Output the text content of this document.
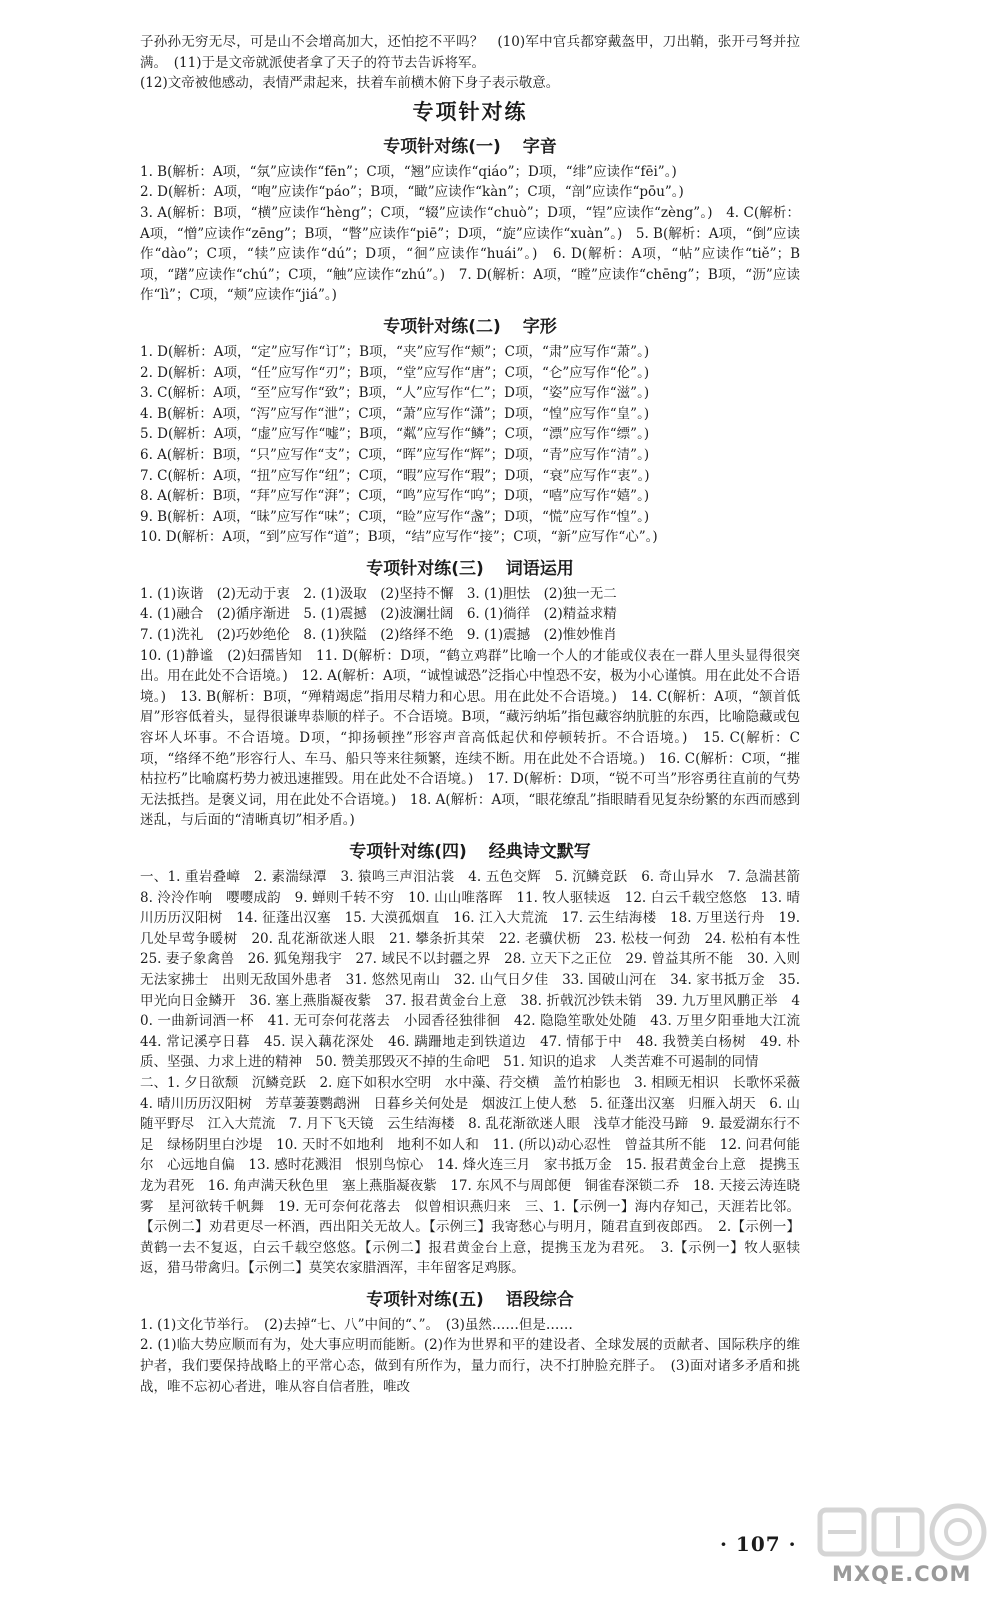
子孙孙无穷无尽，可是山不会增高加大，还怕挖不平吗？　(10)军中官兵都穿戴盔甲，刀出鞘，张开弓弩并拉满。　(11)于是文帝就派使者拿了天子的符节去告诉将军。

(12)文帝被他感动，表情严肃起来，扶着车前横木俯下身子表示敬意。

专项针对练
专项针对练(一) 字音

1. B(解析：A项，“氛”应读作“fēn”；C项，“翘”应读作“qiáo”；D项，“绯”应读作“fēi”。)

2. D(解析：A项，“咆”应读作“páo”；B项，“瞰”应读作“kàn”；C项，“剖”应读作“pōu”。)

3. A(解析：B项，“横”应读作“hèng”；C项，“辍”应读作“chuò”；D项，“锃”应读作“zèng”。)　4. C(解析：A项，“憎”应读作“zēng”；B项，“瞥”应读作“piē”；D项，“旋”应读作“xuàn”。)　5. B(解析：A项，“倒”应读作“dào”；C项，“犊”应读作“dú”；D项，“徊”应读作“huái”。)　6. D(解析：A项，“帖”应读作“tiě”；B项，“躇”应读作“chú”；C项，“触”应读作“zhú”。)　7. D(解析：A项，“瞠”应读作“chēng”；B项，“沥”应读作“lì”；C项，“颊”应读作“jiá”。)

专项针对练(二) 字形

1. D(解析：A项，“定”应写作“订”；B项，“夹”应写作“颊”；C项，“肃”应写作“萧”。)

2. D(解析：A项，“任”应写作“刃”；B项，“堂”应写作“唐”；C项，“仑”应写作“伦”。)

3. C(解析：A项，“至”应写作“致”；B项，“人”应写作“仁”；D项，“姿”应写作“滋”。)

4. B(解析：A项，“泻”应写作“泄”；C项，“萧”应写作“潇”；D项，“惶”应写作“皇”。)

5. D(解析：A项，“虚”应写作“嘘”；B项，“粼”应写作“鳞”；C项，“漂”应写作“缥”。)

6. A(解析：B项，“只”应写作“支”；C项，“晖”应写作“辉”；D项，“青”应写作“清”。)

7. C(解析：A项，“扭”应写作“纽”；C项，“暇”应写作“瑕”；D项，“衰”应写作“衷”。)

8. A(解析：B项，“拜”应写作“湃”；C项，“鸣”应写作“呜”；D项，“嘻”应写作“嬉”。)

9. B(解析：A项，“昧”应写作“味”；C项，“睑”应写作“盏”；D项，“慌”应写作“惶”。)

10. D(解析：A项，“到”应写作“道”；B项，“结”应写作“接”；C项，“新”应写作“心”。)

专项针对练(三) 词语运用

1. (1)诙谐　(2)无动于衷　2. (1)汲取　(2)坚持不懈　3. (1)胆怯　(2)独一无二

4. (1)融合　(2)循序渐进　5. (1)震撼　(2)波澜壮阔　6. (1)徜徉　(2)精益求精

7. (1)洗礼　(2)巧妙绝伦　8. (1)狭隘　(2)络绎不绝　9. (1)震撼　(2)惟妙惟肖

10. (1)静谧　(2)妇孺皆知　11. D(解析：D项，“鹤立鸡群”比喻一个人的才能或仪表在一群人里头显得很突出。用在此处不合语境。)　12. A(解析：A项，“诚惶诚恐”泛指心中惶恐不安，极为小心谨慎。用在此处不合语境。)　13. B(解析：B项，“殚精竭虑”指用尽精力和心思。用在此处不合语境。)　14. C(解析：A项，“颔首低眉”形容低着头，显得很谦卑恭顺的样子。不合语境。B项，“藏污纳垢”指包藏容纳肮脏的东西，比喻隐藏或包容坏人坏事。不合语境。D项，“抑扬顿挫”形容声音高低起伏和停顿转折。不合语境。)　15. C(解析：C项，“络绎不绝”形容行人、车马、船只等来往频繁，连续不断。用在此处不合语境。)　16. C(解析：C项，“摧枯拉朽”比喻腐朽势力被迅速摧毁。用在此处不合语境。)　17. D(解析：D项，“锐不可当”形容勇往直前的气势无法抵挡。是褒义词，用在此处不合语境。)　18. A(解析：A项，“眼花缭乱”指眼睛看见复杂纷繁的东西而感到迷乱，与后面的“清晰真切”相矛盾。)

专项针对练(四) 经典诗文默写

一、1. 重岩叠嶂　2. 素湍绿潭　3. 猿鸣三声泪沾裳　4. 五色交辉　5. 沉鳞竞跃　6. 奇山异水　7. 急湍甚箭　8. 泠泠作响　嘤嘤成韵　9. 蝉则千转不穷　10. 山山唯落晖　11. 牧人驱犊返　12. 白云千载空悠悠　13. 晴川历历汉阳树　14. 征蓬出汉塞　15. 大漠孤烟直　16. 江入大荒流　17. 云生结海楼　18. 万里送行舟　19. 几处早莺争暖树　20. 乱花渐欲迷人眼　21. 攀条折其荣　22. 老骥伏枥　23. 松枝一何劲　24. 松柏有本性　25. 妻子象禽兽　26. 狐兔翔我宇　27. 域民不以封疆之界　28. 立天下之正位　29. 曾益其所不能　30. 入则无法家拂士　出则无敌国外患者　31. 悠然见南山　32. 山气日夕佳　33. 国破山河在　34. 家书抵万金　35. 甲光向日金鳞开　36. 塞上燕脂凝夜紫　37. 报君黄金台上意　38. 折戟沉沙铁未销　39. 九万里风鹏正举　40. 一曲新词酒一杯　41. 无可奈何花落去　小园香径独徘徊　42. 隐隐笙歌处处随　43. 万里夕阳垂地大江流　44. 常记溪亭日暮　45. 误入藕花深处　46. 蹒跚地走到铁道边　47. 情郁于中　48. 我赞美白杨树　49. 朴质、坚强、力求上进的精神　50. 赞美那毁灭不掉的生命吧　51. 知识的追求　人类苦难不可遏制的同情

二、1. 夕日欲颓　沉鳞竞跃　2. 庭下如积水空明　水中藻、荇交横　盖竹柏影也　3. 相顾无相识　长歌怀采薇　4. 晴川历历汉阳树　芳草萋萋鹦鹉洲　日暮乡关何处是　烟波江上使人愁　5. 征蓬出汉塞　归雁入胡天　6. 山随平野尽　江入大荒流　7. 月下飞天镜　云生结海楼　8. 乱花渐欲迷人眼　浅草才能没马蹄　9. 最爱湖东行不足　绿杨阴里白沙堤　10. 天时不如地利　地利不如人和　11. (所以)动心忍性　曾益其所不能　12. 问君何能尔　心远地自偏　13. 感时花溅泪　恨别鸟惊心　14. 烽火连三月　家书抵万金　15. 报君黄金台上意　提携玉龙为君死　16. 角声满天秋色里　塞上燕脂凝夜紫　17. 东风不与周郎便　铜雀春深锁二乔　18. 天接云涛连晓雾　星河欲转千帆舞　19. 无可奈何花落去　似曾相识燕归来　三、1.【示例一】海内存知己，天涯若比邻。【示例二】劝君更尽一杯酒，西出阳关无故人。【示例三】我寄愁心与明月，随君直到夜郎西。　2.【示例一】黄鹤一去不复返，白云千载空悠悠。【示例二】报君黄金台上意，提携玉龙为君死。　3.【示例一】牧人驱犊返，猎马带禽归。【示例二】莫笑农家腊酒浑，丰年留客足鸡豚。

专项针对练(五) 语段综合

1. (1)文化节举行。　(2)去掉“七、八”中间的“、”。　(3)虽然……但是……

2. (1)临大势应顺而有为，处大事应明而能断。(2)作为世界和平的建设者、全球发展的贡献者、国际秩序的维护者，我们要保持战略上的平常心态，做到有所作为，量力而行，决不打肿脸充胖子。　(3)面对诸多矛盾和挑战，唯不忘初心者进，唯从容自信者胜，唯改

· 107 ·
MXQE.COM
